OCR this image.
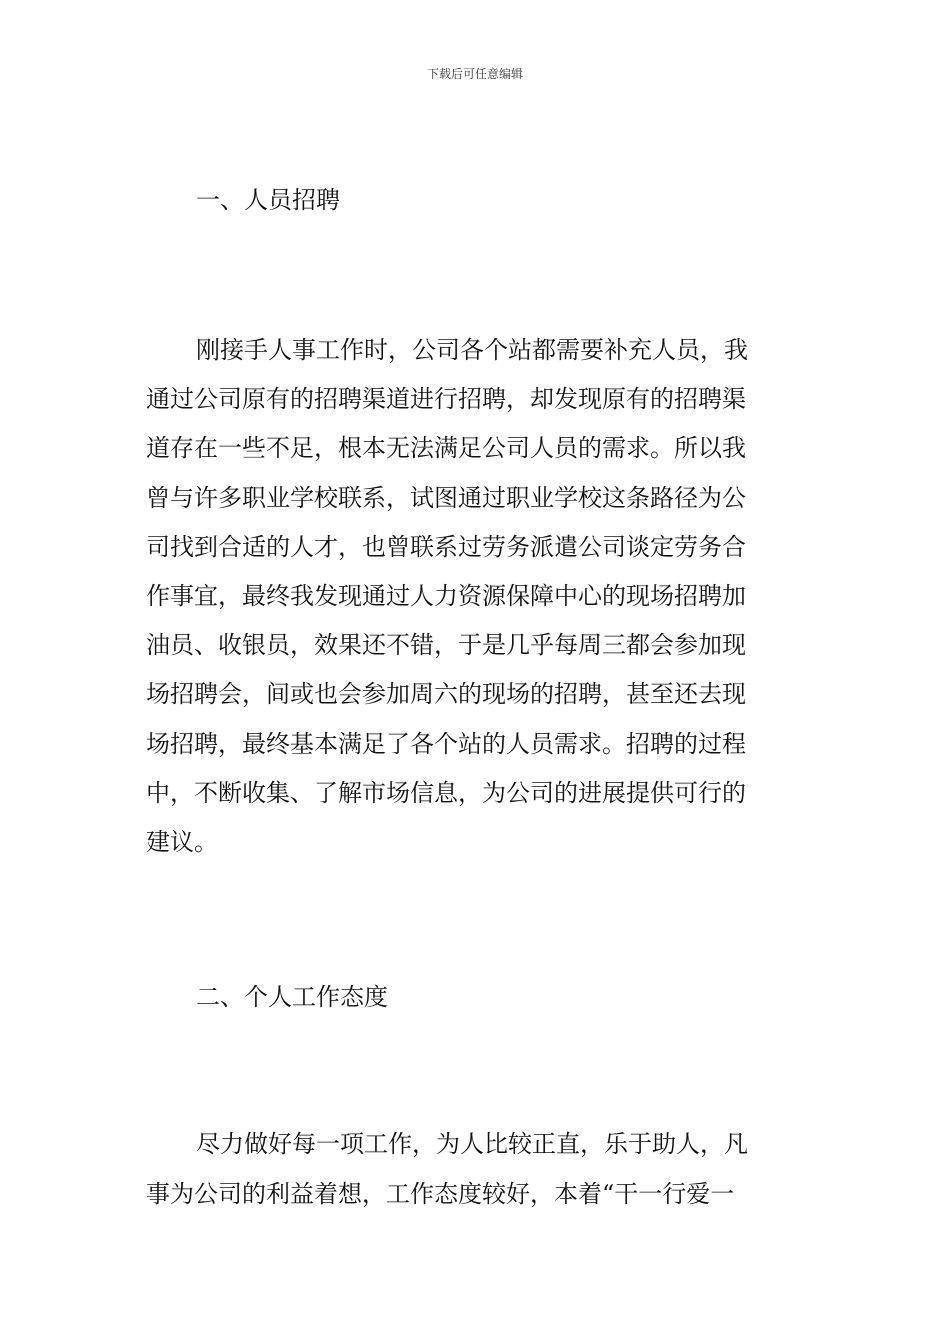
下载后可任意编辑
一、人员招聘
刚接手人事工作时，公司各个站都需要补充人员，我
通过公司原有的招聘渠道进行招聘，却发现原有的招聘渠
道存在一些不足，根本无法满足公司人员的需求。所以我
曾与许多职业学校联系，试图通过职业学校这条路径为公
司找到合适的人才，也曾联系过劳务派遣公司谈定劳务合
作事宜，最终我发现通过人力资源保障中心的现场招聘加
油员、收银员，效果还不错，于是几乎每周三都会参加现
场招聘会，间或也会参加周六的现场的招聘，甚至还去现
场招聘，最终基本满足了各个站的人员需求。招聘的过程
中，不断收集、了解市场信息，为公司的进展提供可行的
建议。
二、个人工作态度
尽力做好每一项工作，为人比较正直，乐于助人，凡
事为公司的利益着想，工作态度较好，本着“干一行爱一
